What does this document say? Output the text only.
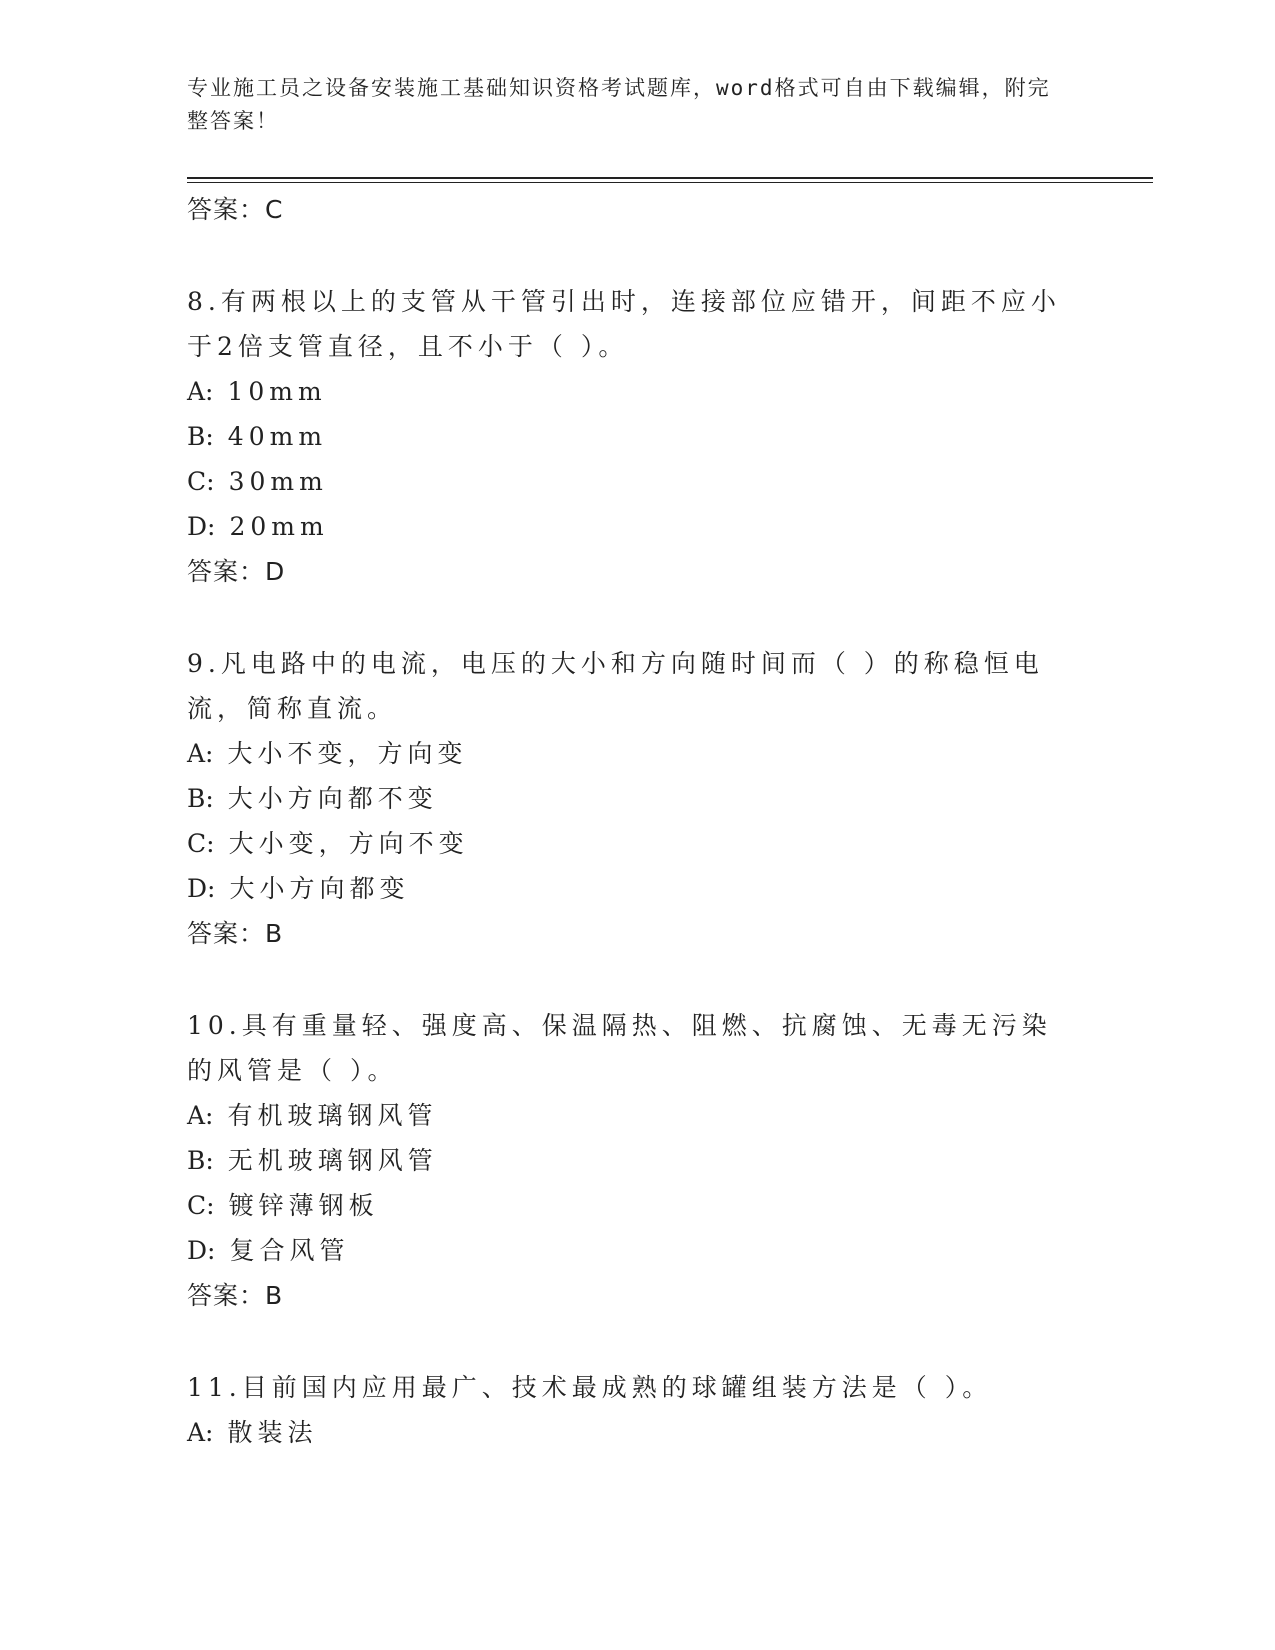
专业施工员之设备安装施工基础知识资格考试题库，word格式可自由下载编辑，附完整答案！
答案：C
8.有两根以上的支管从干管引出时，连接部位应错开，间距不应小于2倍支管直径，且不小于（ ）。
A: 10mm
B: 40mm
C: 30mm
D: 20mm
答案：D
9.凡电路中的电流，电压的大小和方向随时间而（ ）的称稳恒电流，简称直流。
A: 大小不变，方向变
B: 大小方向都不变
C: 大小变，方向不变
D: 大小方向都变
答案：B
10.具有重量轻、强度高、保温隔热、阻燃、抗腐蚀、无毒无污染的风管是（ ）。
A: 有机玻璃钢风管
B: 无机玻璃钢风管
C: 镀锌薄钢板
D: 复合风管
答案：B
11.目前国内应用最广、技术最成熟的球罐组装方法是（ ）。
A: 散装法
